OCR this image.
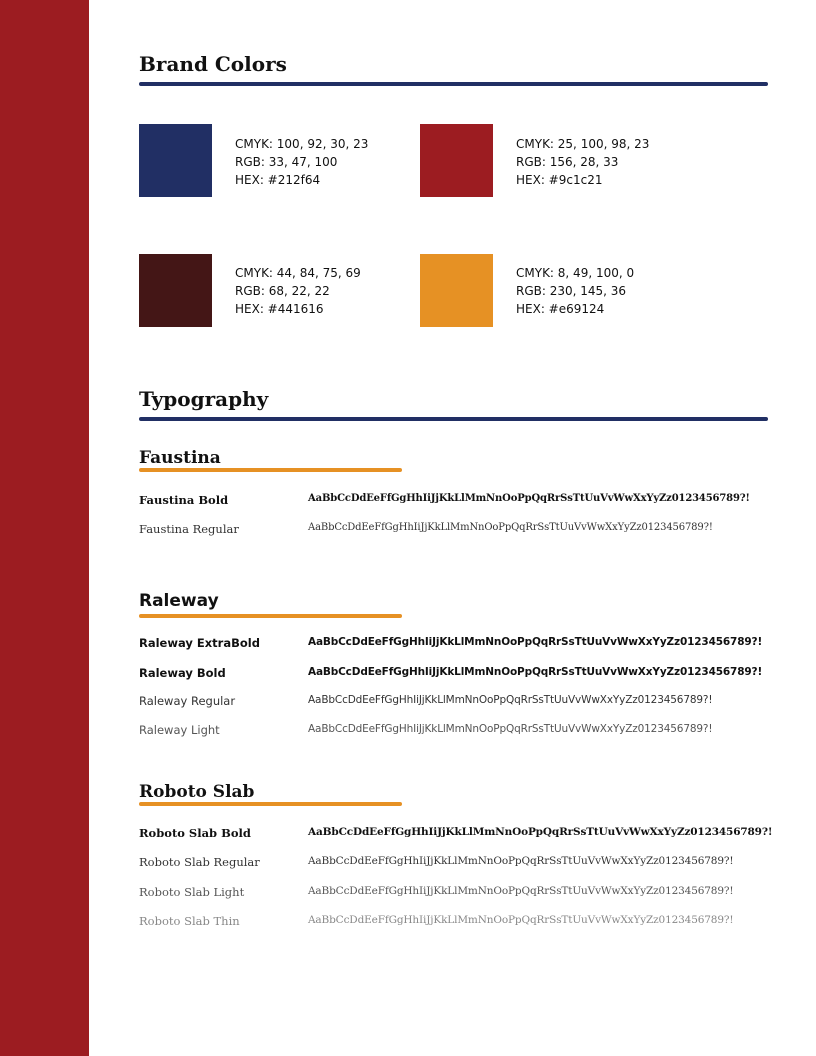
Brand Colors
CMYK: 100, 92, 30, 23
RGB: 33, 47, 100
HEX: #212f64
CMYK: 25, 100, 98, 23
RGB: 156, 28, 33
HEX: #9c1c21
CMYK: 44, 84, 75, 69
RGB: 68, 22, 22
HEX: #441616
CMYK: 8, 49, 100, 0
RGB: 230, 145, 36
HEX: #e69124
Typography
Faustina
Faustina Bold	AaBbCcDdEeFfGgHhIiJjKkLlMmNnOoPpQqRrSsTtUuVvWwXxYyZz0123456789?!
Faustina Regular	AaBbCcDdEeFfGgHhIiJjKkLlMmNnOoPpQqRrSsTtUuVvWwXxYyZz0123456789?!
Raleway
Raleway ExtraBold	AaBbCcDdEeFfGgHhIiJjKkLlMmNnOoPpQqRrSsTtUuVvWwXxYyZz0123456789?!
Raleway Bold	AaBbCcDdEeFfGgHhIiJjKkLlMmNnOoPpQqRrSsTtUuVvWwXxYyZz0123456789?!
Raleway Regular	AaBbCcDdEeFfGgHhIiJjKkLlMmNnOoPpQqRrSsTtUuVvWwXxYyZz0123456789?!
Raleway Light	AaBbCcDdEeFfGgHhIiJjKkLlMmNnOoPpQqRrSsTtUuVvWwXxYyZz0123456789?!
Roboto Slab
Roboto Slab Bold	AaBbCcDdEeFfGgHhIiJjKkLlMmNnOoPpQqRrSsTtUuVvWwXxYyZz0123456789?!
Roboto Slab Regular	AaBbCcDdEeFfGgHhIiJjKkLlMmNnOoPpQqRrSsTtUuVvWwXxYyZz0123456789?!
Roboto Slab Light	AaBbCcDdEeFfGgHhIiJjKkLlMmNnOoPpQqRrSsTtUuVvWwXxYyZz0123456789?!
Roboto Slab Thin	AaBbCcDdEeFfGgHhIiJjKkLlMmNnOoPpQqRrSsTtUuVvWwXxYyZz0123456789?!
